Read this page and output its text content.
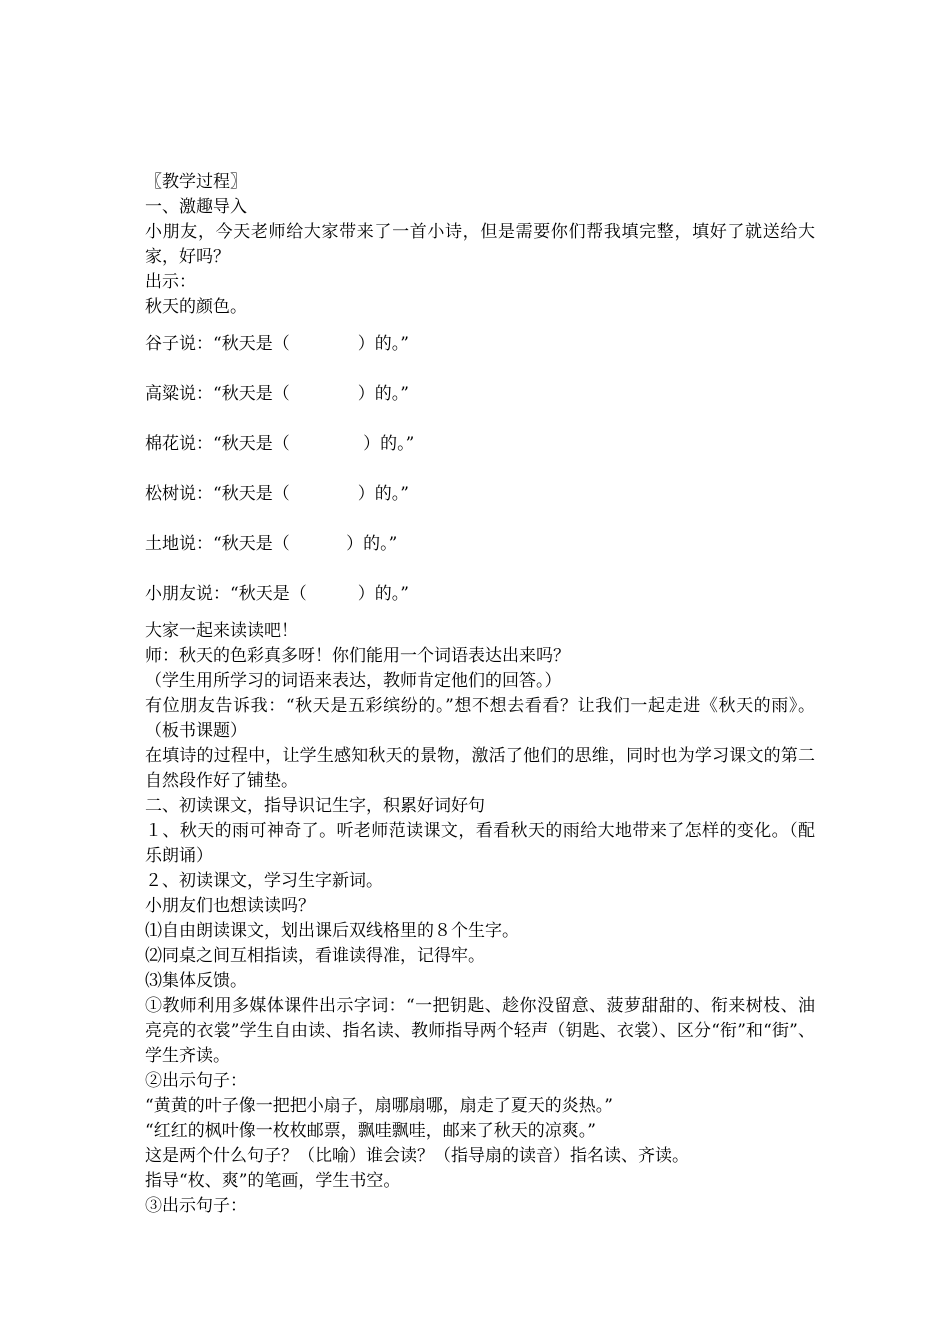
〖教学过程〗

一、激趣导入

小朋友，今天老师给大家带来了一首小诗，但是需要你们帮我填完整，填好了就送给大家，好吗？

出示：

秋天的颜色。

谷子说：“秋天是（　　　　）的。”

高粱说：“秋天是（　　　　）的。”

棉花说：“秋天是（　　　　 ）的。”

松树说：“秋天是（　　　　）的。”

土地说：“秋天是（　　　 ）的。”

小朋友说：“秋天是（　　　）的。”

大家一起来读读吧！

师：秋天的色彩真多呀！你们能用一个词语表达出来吗？

（学生用所学习的词语来表达，教师肯定他们的回答。）

有位朋友告诉我：“秋天是五彩缤纷的。”想不想去看看？让我们一起走进《秋天的雨》。（板书课题）

在填诗的过程中，让学生感知秋天的景物，激活了他们的思维，同时也为学习课文的第二自然段作好了铺垫。

二、初读课文，指导识记生字，积累好词好句

１、秋天的雨可神奇了。听老师范读课文，看看秋天的雨给大地带来了怎样的变化。（配乐朗诵）

２、初读课文，学习生字新词。

小朋友们也想读读吗？

⑴自由朗读课文，划出课后双线格里的８个生字。

⑵同桌之间互相指读，看谁读得准，记得牢。

⑶集体反馈。

①教师利用多媒体课件出示字词：“一把钥匙、趁你没留意、菠萝甜甜的、衔来树枝、油亮亮的衣裳”学生自由读、指名读、教师指导两个轻声（钥匙、衣裳）、区分“衔”和“街”、学生齐读。

②出示句子：

“黄黄的叶子像一把把小扇子，扇哪扇哪，扇走了夏天的炎热。”

“红红的枫叶像一枚枚邮票，飘哇飘哇，邮来了秋天的凉爽。”

这是两个什么句子？（比喻）谁会读？（指导扇的读音）指名读、齐读。

指导“枚、爽”的笔画，学生书空。

③出示句子：
